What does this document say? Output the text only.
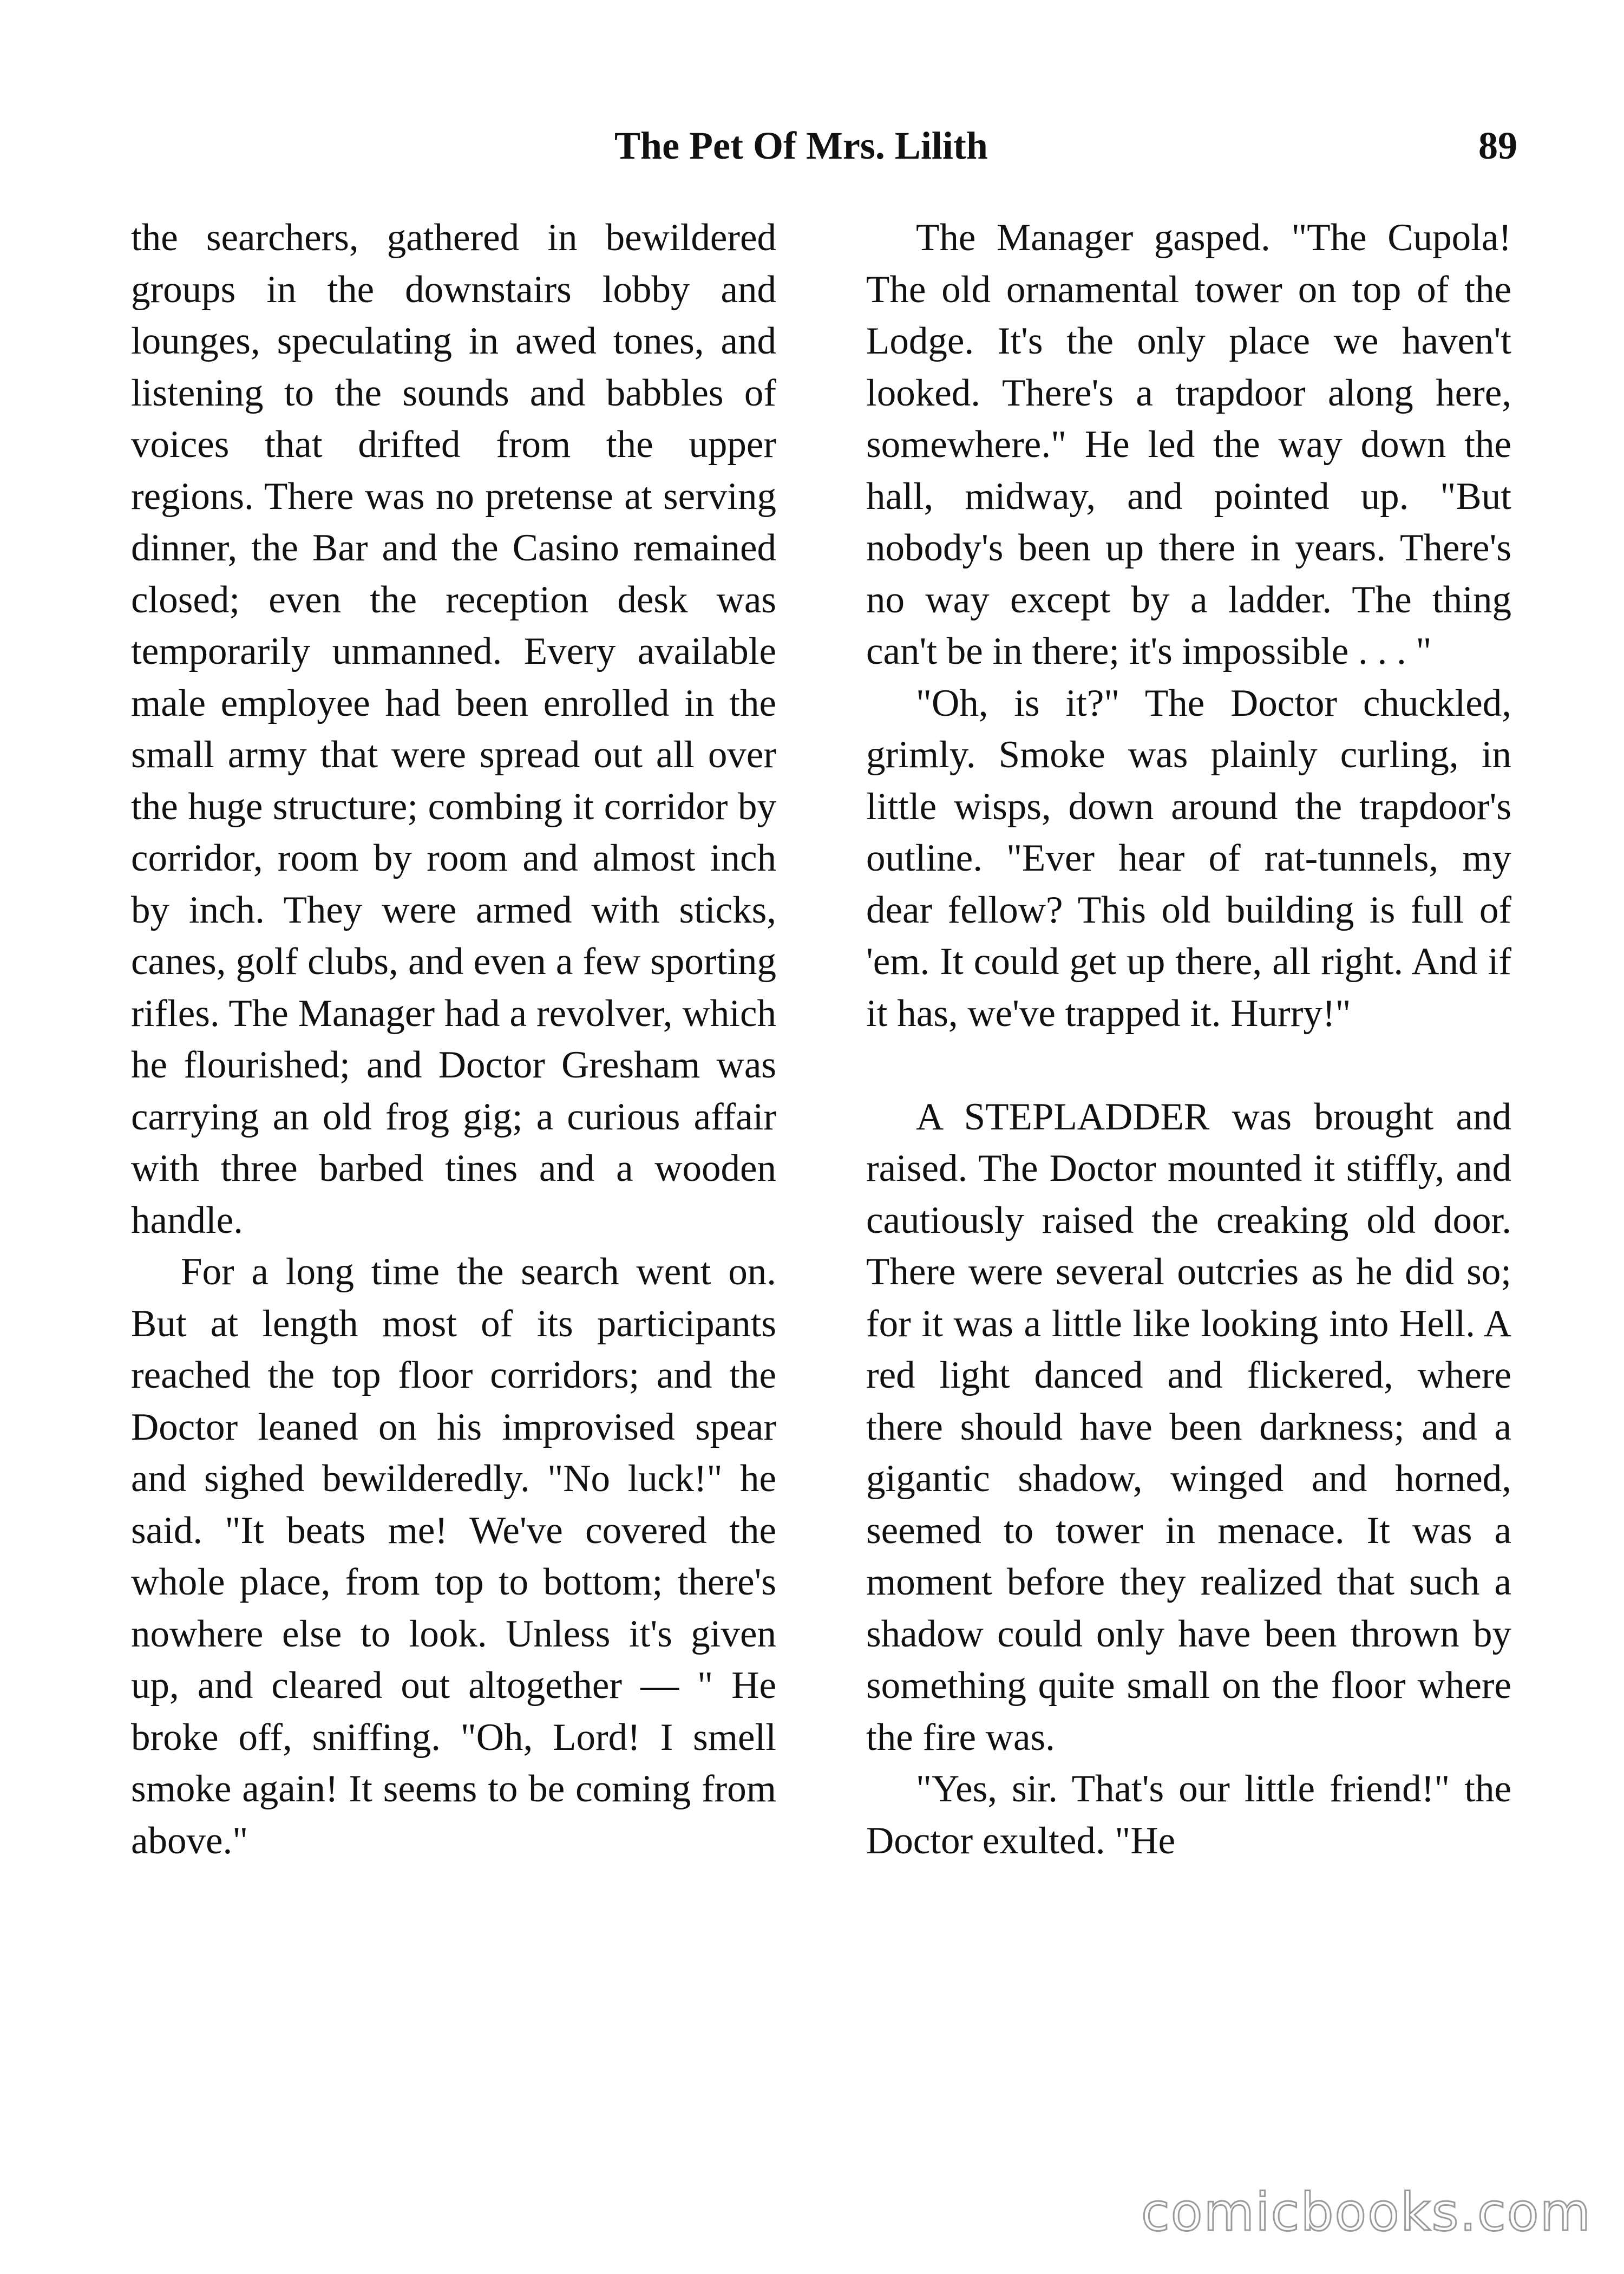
The Pet Of Mrs. Lilith	89

the searchers, gathered in bewildered groups in the downstairs lobby and lounges, speculating in awed tones, and listening to the sounds and babbles of voices that drifted from the upper regions. There was no pretense at serving dinner, the Bar and the Casino remained closed; even the reception desk was temporarily unmanned. Every available male employee had been enrolled in the small army that were spread out all over the huge structure; combing it corridor by corridor, room by room and almost inch by inch. They were armed with sticks, canes, golf clubs, and even a few sporting rifles. The Manager had a revolver, which he flourished; and Doctor Gresham was carrying an old frog gig; a curious affair with three barbed tines and a wooden handle.

For a long time the search went on. But at length most of its participants reached the top floor corridors; and the Doctor leaned on his improvised spear and sighed bewilderedly. "No luck!" he said. "It beats me! We've covered the whole place, from top to bottom; there's nowhere else to look. Unless it's given up, and cleared out altogether — " He broke off, sniffing. "Oh, Lord! I smell smoke again! It seems to be coming from above."

The Manager gasped. "The Cupola! The old ornamental tower on top of the Lodge. It's the only place we haven't looked. There's a trapdoor along here, somewhere." He led the way down the hall, midway, and pointed up. "But nobody's been up there in years. There's no way except by a ladder. The thing can't be in there; it's impossible . . . "

"Oh, is it?" The Doctor chuckled, grimly. Smoke was plainly curling, in little wisps, down around the trapdoor's outline. "Ever hear of rat-tunnels, my dear fellow? This old building is full of 'em. It could get up there, all right. And if it has, we've trapped it. Hurry!"

A STEPLADDER was brought and raised. The Doctor mounted it stiffly, and cautiously raised the creaking old door. There were several outcries as he did so; for it was a little like looking into Hell. A red light danced and flickered, where there should have been darkness; and a gigantic shadow, winged and horned, seemed to tower in menace. It was a moment before they realized that such a shadow could only have been thrown by something quite small on the floor where the fire was.

"Yes, sir. That's our little friend!" the Doctor exulted. "He

comicbooks.com
